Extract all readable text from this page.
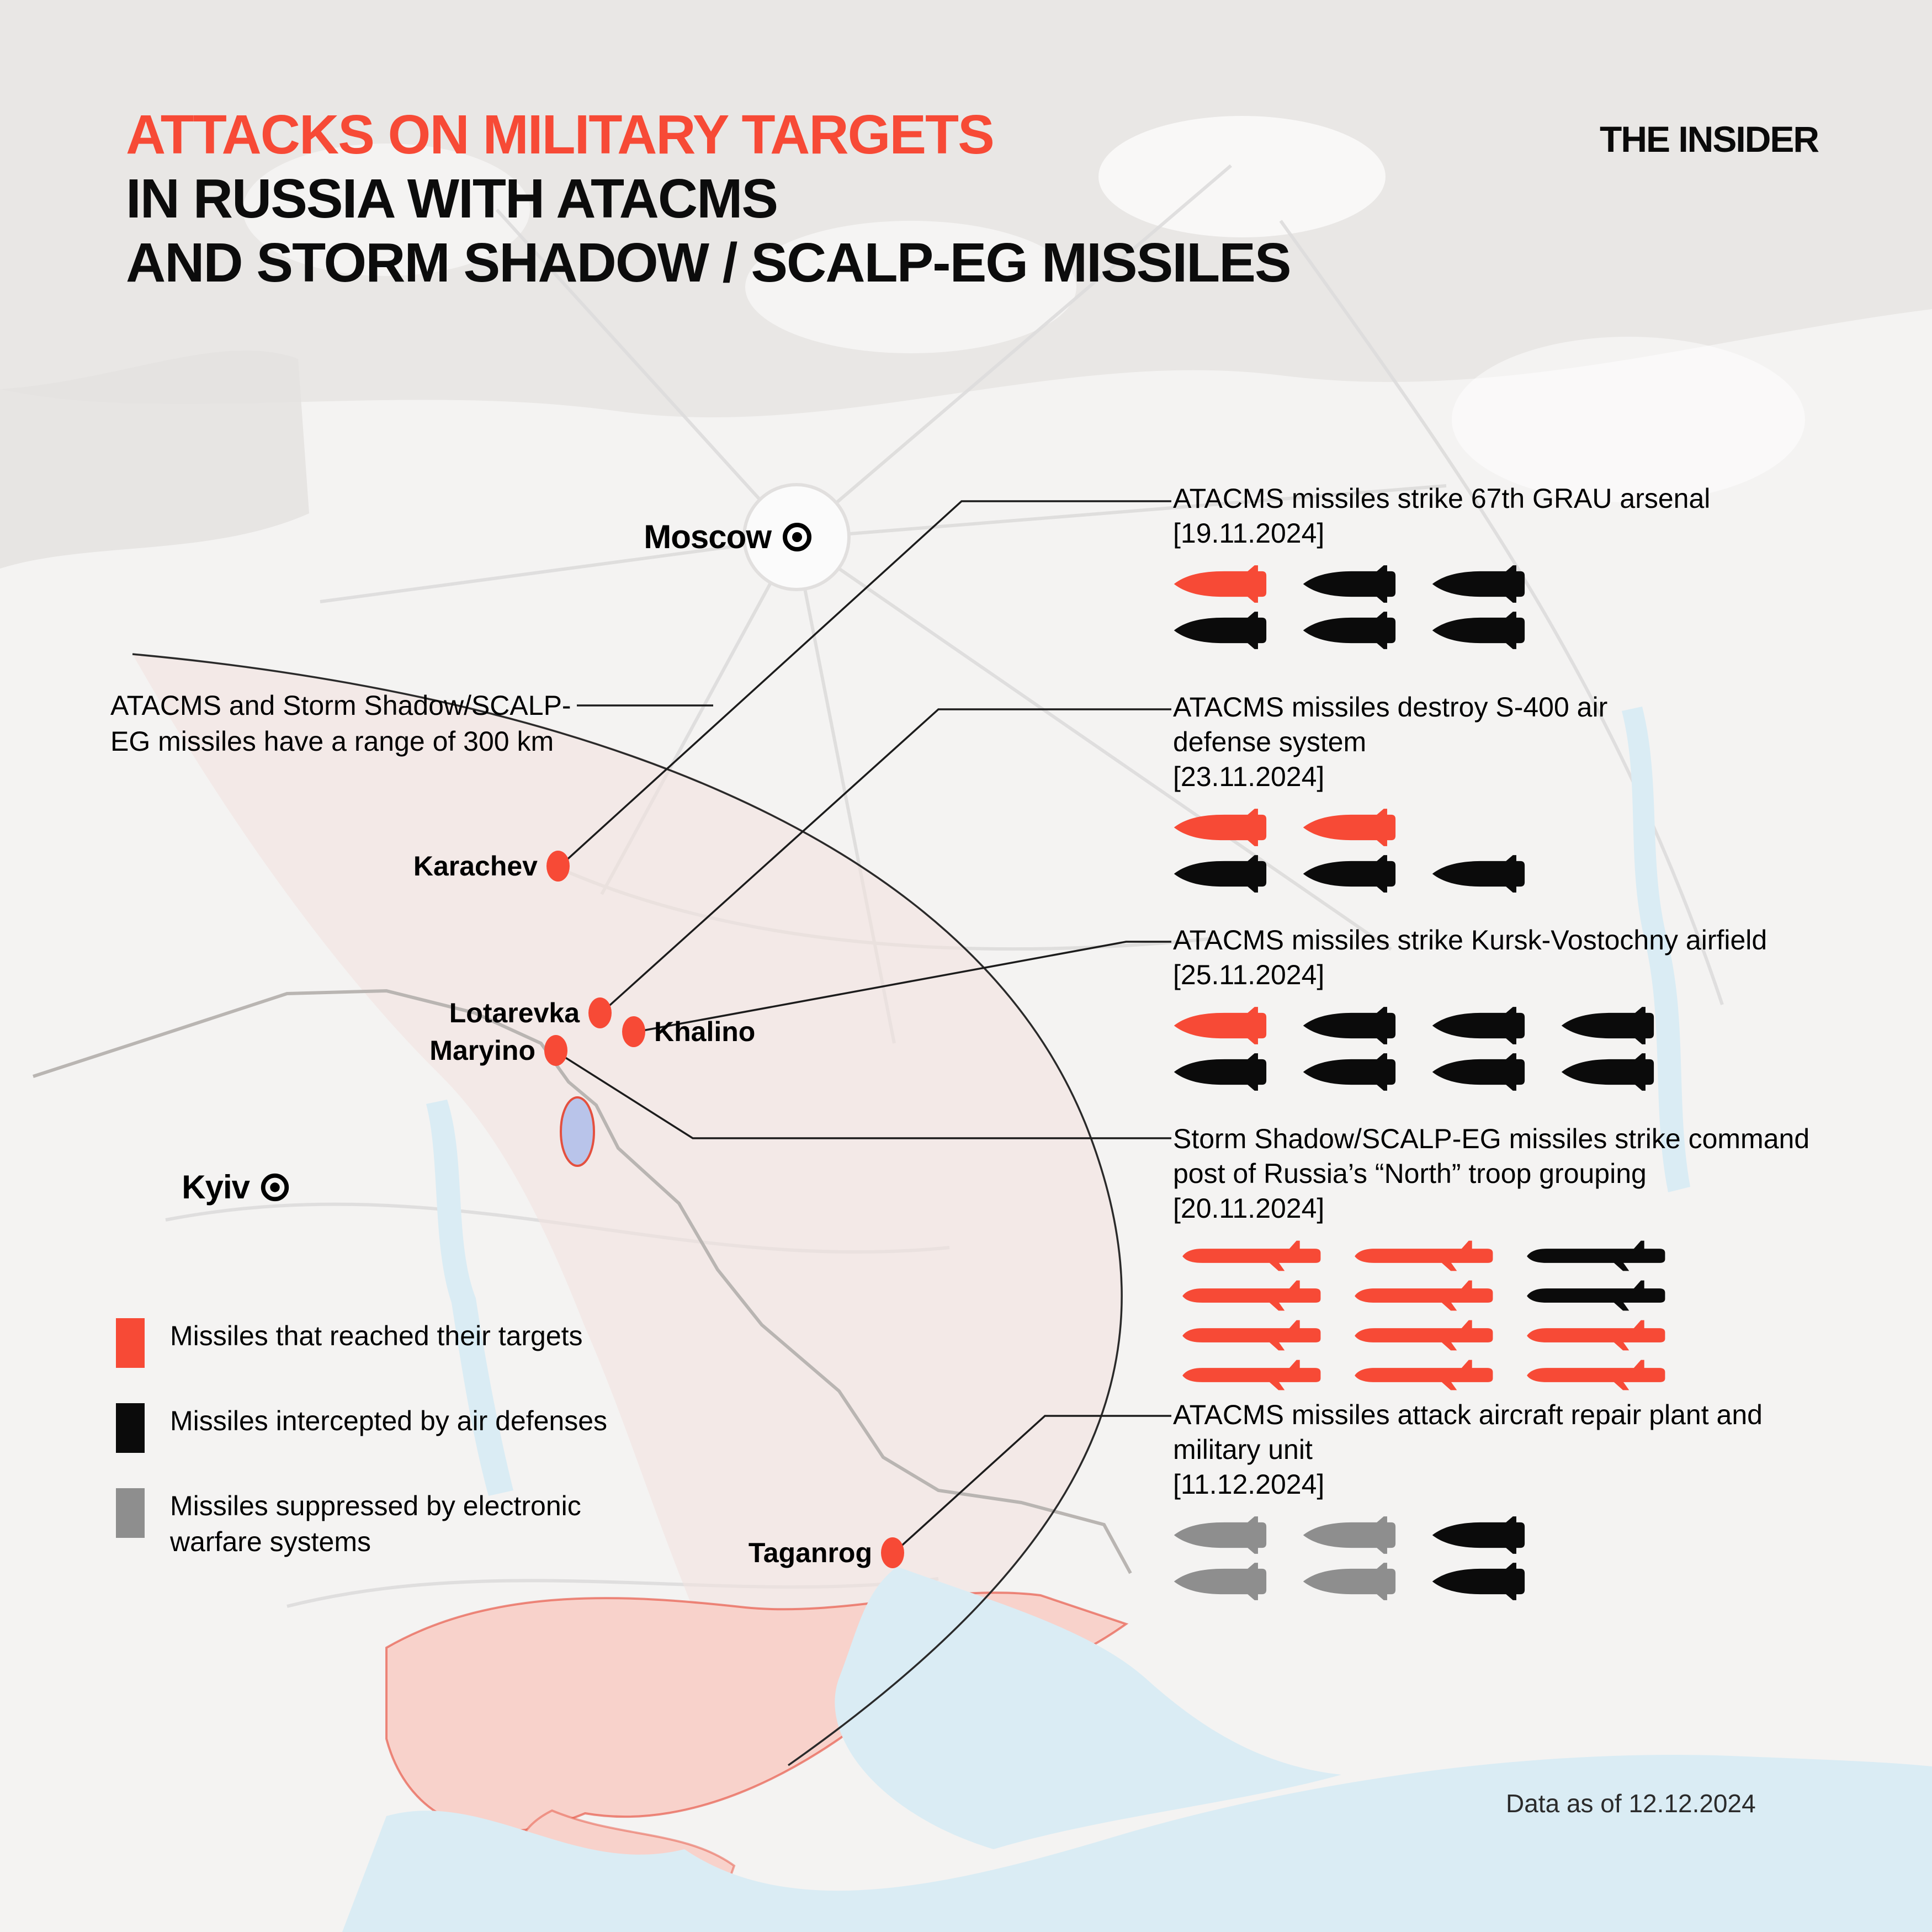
ATTACKS ON MILITARY TARGETS
IN RUSSIA WITH ATACMS
AND STORM SHADOW / SCALP-EG MISSILES
THE INSIDER
ATACMS and Storm Shadow/SCALP-EG missiles have a range of 300 km
Moscow
Kyiv
Karachev
Lotarevka
Khalino
Maryino
Taganrog
ATACMS missiles strike 67th GRAU arsenal
[19.11.2024]
ATACMS missiles destroy S-400 air defense system
[23.11.2024]
ATACMS missiles strike Kursk-Vostochny airfield
[25.11.2024]
Storm Shadow/SCALP-EG missiles strike command post of Russia’s “North” troop grouping
[20.11.2024]
ATACMS missiles attack aircraft repair plant and military unit
[11.12.2024]
Missiles that reached their targets
Missiles intercepted by air defenses
Missiles suppressed by electronic warfare systems
Data as of 12.12.2024
